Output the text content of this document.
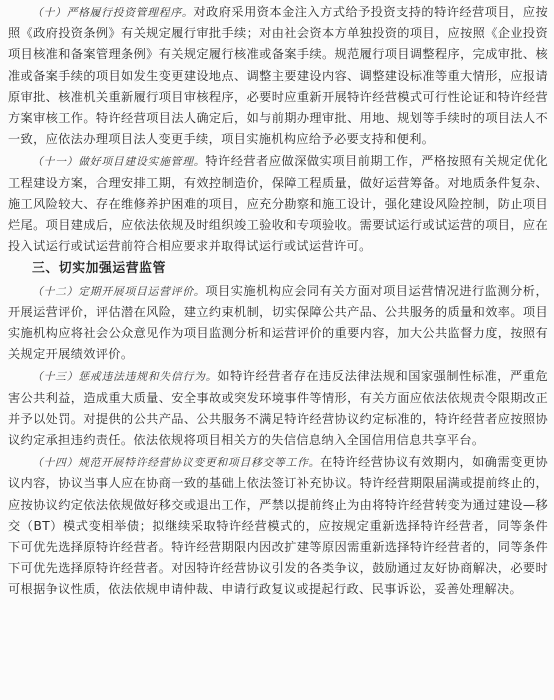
（十）严格履行投资管理程序。对政府采用资本金注入方式给予投资支持的特许经营项目，应按照《政府投资条例》有关规定履行审批手续；对由社会资本方单独投资的项目，应按照《企业投资项目核准和备案管理条例》有关规定履行核准或备案手续。规范履行项目调整程序，完成审批、核准或备案手续的项目如发生变更建设地点、调整主要建设内容、调整建设标准等重大情形，应报请原审批、核准机关重新履行项目审核程序，必要时应重新开展特许经营模式可行性论证和特许经营方案审核工作。特许经营项目法人确定后，如与前期办理审批、用地、规划等手续时的项目法人不一致，应依法办理项目法人变更手续，项目实施机构应给予必要支持和便利。

（十一）做好项目建设实施管理。特许经营者应做深做实项目前期工作，严格按照有关规定优化工程建设方案，合理安排工期，有效控制造价，保障工程质量，做好运营筹备。对地质条件复杂、施工风险较大、存在维修养护困难的项目，应充分勘察和施工设计，强化建设风险控制，防止项目烂尾。项目建成后，应依法依规及时组织竣工验收和专项验收。需要试运行或试运营的项目，应在投入试运行或试运营前符合相应要求并取得试运行或试运营许可。

三、切实加强运营监管

（十二）定期开展项目运营评价。项目实施机构应会同有关方面对项目运营情况进行监测分析，开展运营评价，评估潜在风险，建立约束机制，切实保障公共产品、公共服务的质量和效率。项目实施机构应将社会公众意见作为项目监测分析和运营评价的重要内容，加大公共监督力度，按照有关规定开展绩效评价。

（十三）惩戒违法违规和失信行为。如特许经营者存在违反法律法规和国家强制性标准，严重危害公共利益，造成重大质量、安全事故或突发环境事件等情形，有关方面应依法依规责令限期改正并予以处罚。对提供的公共产品、公共服务不满足特许经营协议约定标准的，特许经营者应按照协议约定承担违约责任。依法依规将项目相关方的失信信息纳入全国信用信息共享平台。

（十四）规范开展特许经营协议变更和项目移交等工作。在特许经营协议有效期内，如确需变更协议内容，协议当事人应在协商一致的基础上依法签订补充协议。特许经营期限届满或提前终止的，应按协议约定依法依规做好移交或退出工作，严禁以提前终止为由将特许经营转变为通过建设—移交（BT）模式变相举债；拟继续采取特许经营模式的，应按规定重新选择特许经营者，同等条件下可优先选择原特许经营者。特许经营期限内因改扩建等原因需重新选择特许经营者的，同等条件下可优先选择原特许经营者。对因特许经营协议引发的各类争议，鼓励通过友好协商解决，必要时可根据争议性质，依法依规申请仲裁、申请行政复议或提起行政、民事诉讼，妥善处理解决。
